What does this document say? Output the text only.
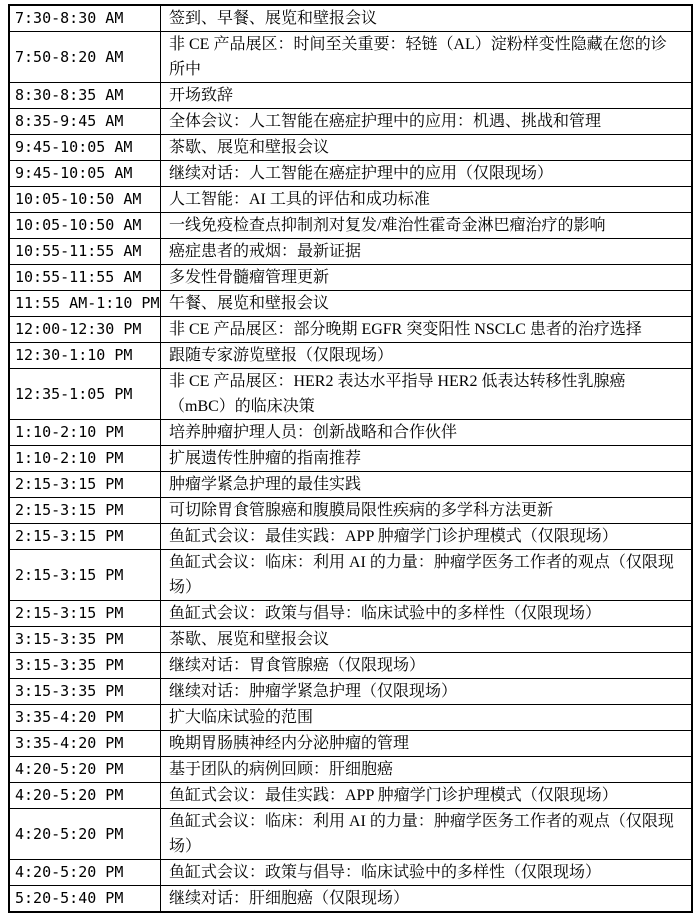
7:30-8:30 AM	签到、早餐、展览和壁报会议
7:50-8:20 AM	非 CE 产品展区：时间至关重要：轻链（AL）淀粉样变性隐藏在您的诊所中
8:30-8:35 AM	开场致辞
8:35-9:45 AM	全体会议：人工智能在癌症护理中的应用：机遇、挑战和管理
9:45-10:05 AM	茶歇、展览和壁报会议
9:45-10:05 AM	继续对话：人工智能在癌症护理中的应用（仅限现场）
10:05-10:50 AM	人工智能：AI 工具的评估和成功标准
10:05-10:50 AM	一线免疫检查点抑制剂对复发/难治性霍奇金淋巴瘤治疗的影响
10:55-11:55 AM	癌症患者的戒烟：最新证据
10:55-11:55 AM	多发性骨髓瘤管理更新
11:55 AM-1:10 PM	午餐、展览和壁报会议
12:00-12:30 PM	非 CE 产品展区：部分晚期 EGFR 突变阳性 NSCLC 患者的治疗选择
12:30-1:10 PM	跟随专家游览壁报（仅限现场）
12:35-1:05 PM	非 CE 产品展区：HER2 表达水平指导 HER2 低表达转移性乳腺癌（mBC）的临床决策
1:10-2:10 PM	培养肿瘤护理人员：创新战略和合作伙伴
1:10-2:10 PM	扩展遗传性肿瘤的指南推荐
2:15-3:15 PM	肿瘤学紧急护理的最佳实践
2:15-3:15 PM	可切除胃食管腺癌和腹膜局限性疾病的多学科方法更新
2:15-3:15 PM	鱼缸式会议：最佳实践：APP 肿瘤学门诊护理模式（仅限现场）
2:15-3:15 PM	鱼缸式会议：临床：利用 AI 的力量：肿瘤学医务工作者的观点（仅限现场）
2:15-3:15 PM	鱼缸式会议：政策与倡导：临床试验中的多样性（仅限现场）
3:15-3:35 PM	茶歇、展览和壁报会议
3:15-3:35 PM	继续对话：胃食管腺癌（仅限现场）
3:15-3:35 PM	继续对话：肿瘤学紧急护理（仅限现场）
3:35-4:20 PM	扩大临床试验的范围
3:35-4:20 PM	晚期胃肠胰神经内分泌肿瘤的管理
4:20-5:20 PM	基于团队的病例回顾：肝细胞癌
4:20-5:20 PM	鱼缸式会议：最佳实践：APP 肿瘤学门诊护理模式（仅限现场）
4:20-5:20 PM	鱼缸式会议：临床：利用 AI 的力量：肿瘤学医务工作者的观点（仅限现场）
4:20-5:20 PM	鱼缸式会议：政策与倡导：临床试验中的多样性（仅限现场）
5:20-5:40 PM	继续对话：肝细胞癌（仅限现场）
